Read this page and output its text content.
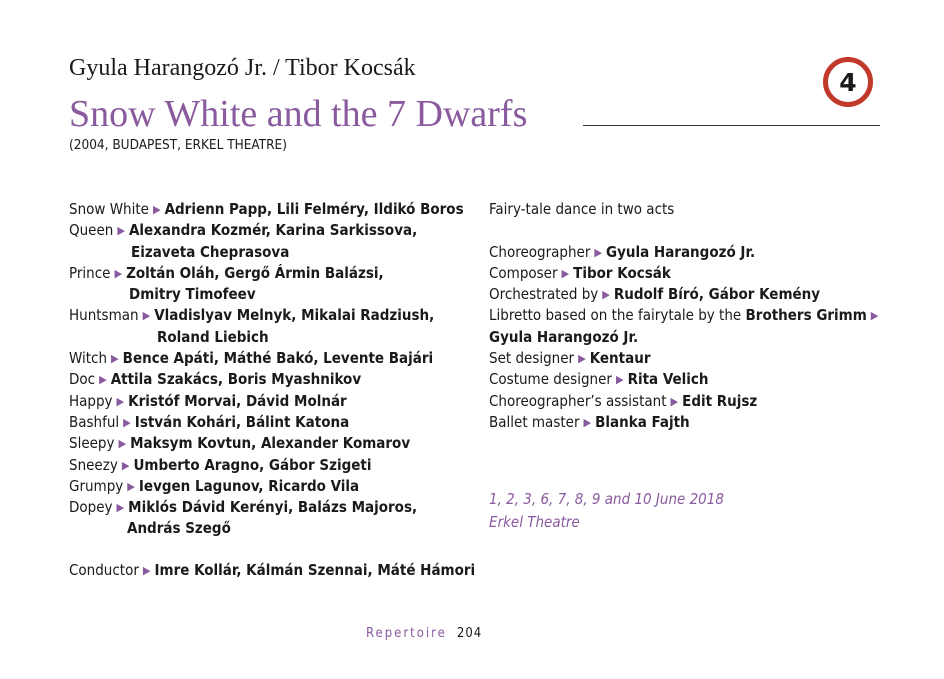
Gyula Harangozó Jr. / Tibor Kocsák
Snow White and the 7 Dwarfs
(2004, BUDAPEST, ERKEL THEATRE)
4
Snow White ▶ Adrienn Papp, Lili Felméry, Ildikó Boros
Queen ▶ Alexandra Kozmér, Karina Sarkissova,
Eizaveta Cheprasova
Prince ▶ Zoltán Oláh, Gergő Ármin Balázsi,
Dmitry Timofeev
Huntsman ▶ Vladislyav Melnyk, Mikalai Radziush,
Roland Liebich
Witch ▶ Bence Apáti, Máthé Bakó, Levente Bajári
Doc ▶ Attila Szakács, Boris Myashnikov
Happy ▶ Kristóf Morvai, Dávid Molnár
Bashful ▶ István Kohári, Bálint Katona
Sleepy ▶ Maksym Kovtun, Alexander Komarov
Sneezy ▶ Umberto Aragno, Gábor Szigeti
Grumpy ▶ Ievgen Lagunov, Ricardo Vila
Dopey ▶ Miklós Dávid Kerényi, Balázs Majoros,
András Szegő
Conductor ▶ Imre Kollár, Kálmán Szennai, Máté Hámori
Fairy-tale dance in two acts
Choreographer ▶ Gyula Harangozó Jr.
Composer ▶ Tibor Kocsák
Orchestrated by ▶ Rudolf Bíró, Gábor Kemény
Libretto based on the fairytale by the Brothers Grimm ▶
Gyula Harangozó Jr.
Set designer ▶ Kentaur
Costume designer ▶ Rita Velich
Choreographer’s assistant ▶ Edit Rujsz
Ballet master ▶ Blanka Fajth
1, 2, 3, 6, 7, 8, 9 and 10 June 2018
Erkel Theatre
Repertoire 204
